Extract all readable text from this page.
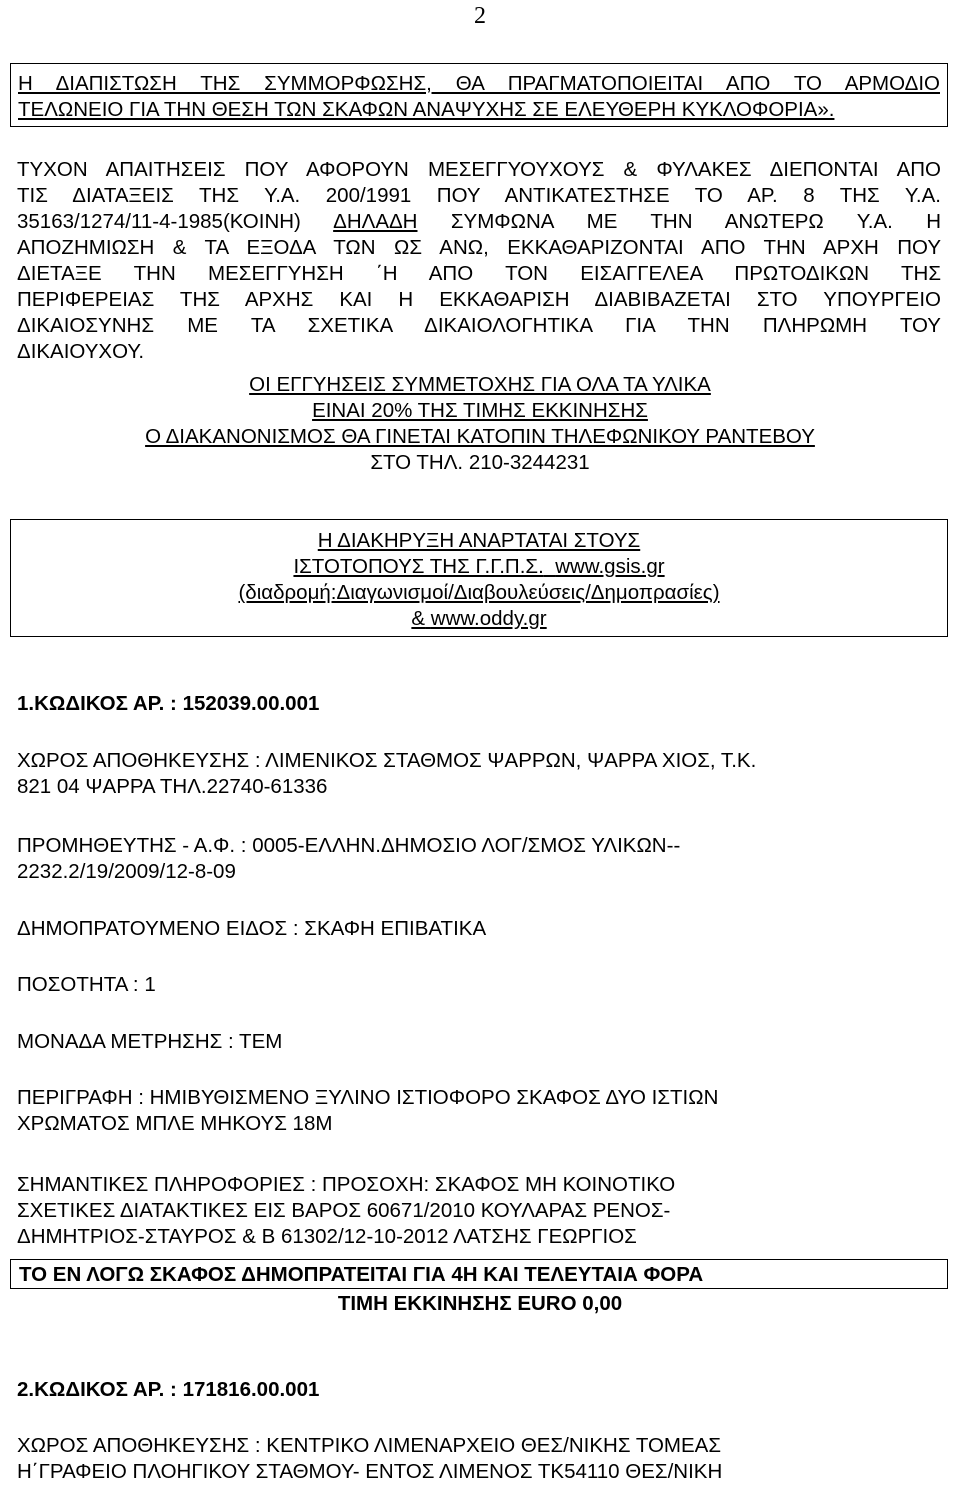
2
Η ΔΙΑΠΙΣΤΩΣΗ ΤΗΣ ΣΥΜΜΟΡΦΩΣΗΣ, ΘΑ ΠΡΑΓΜΑΤΟΠΟΙΕΙΤΑΙ ΑΠΟ ΤΟ ΑΡΜΟΔΙΟ
ΤΕΛΩΝΕΙΟ ΓΙΑ ΤΗΝ ΘΕΣΗ ΤΩΝ ΣΚΑΦΩΝ ΑΝΑΨΥΧΗΣ ΣΕ ΕΛΕΥΘΕΡΗ ΚΥΚΛΟΦΟΡΙΑ».
ΤΥΧΟΝ ΑΠΑΙΤΗΣΕΙΣ ΠΟΥ ΑΦΟΡΟΥΝ ΜΕΣΕΓΓΥΟΥΧΟΥΣ & ΦΥΛΑΚΕΣ ΔΙΕΠΟΝΤΑΙ ΑΠΟ
ΤΙΣ ΔΙΑΤΑΞΕΙΣ ΤΗΣ Υ.Α. 200/1991 ΠΟΥ ΑΝΤΙΚΑΤΕΣΤΗΣΕ ΤΟ ΑΡ. 8 ΤΗΣ Υ.Α.
35163/1274/11-4-1985(ΚΟΙΝΗ) ΔΗΛΑΔΗ ΣΥΜΦΩΝΑ ΜΕ ΤΗΝ ΑΝΩΤΕΡΩ Υ.Α. Η
ΑΠΟΖΗΜΙΩΣΗ & ΤΑ ΕΞΟΔΑ ΤΩΝ ΩΣ ΑΝΩ, ΕΚΚΑΘΑΡΙΖΟΝΤΑΙ ΑΠΟ ΤΗΝ ΑΡΧΗ ΠΟΥ
ΔΙΕΤΑΞΕ ΤΗΝ ΜΕΣΕΓΓΥΗΣΗ ΄Η ΑΠΟ ΤΟΝ ΕΙΣΑΓΓΕΛΕΑ ΠΡΩΤΟΔΙΚΩΝ ΤΗΣ
ΠΕΡΙΦΕΡΕΙΑΣ ΤΗΣ ΑΡΧΗΣ ΚΑΙ Η ΕΚΚΑΘΑΡΙΣΗ ΔΙΑΒΙΒΑΖΕΤΑΙ ΣΤΟ ΥΠΟΥΡΓΕΙΟ
ΔΙΚΑΙΟΣΥΝΗΣ ΜΕ ΤΑ ΣΧΕΤΙΚΑ ΔΙΚΑΙΟΛΟΓΗΤΙΚΑ ΓΙΑ ΤΗΝ ΠΛΗΡΩΜΗ ΤΟΥ
ΔΙΚΑΙΟΥΧΟΥ.
ΟΙ ΕΓΓΥΗΣΕΙΣ ΣΥΜΜΕΤΟΧΗΣ ΓΙΑ ΟΛΑ ΤΑ ΥΛΙΚΑ
ΕΙΝΑΙ 20% ΤΗΣ ΤΙΜΗΣ ΕΚΚΙΝΗΣΗΣ
Ο ΔΙΑΚΑΝΟΝΙΣΜΟΣ ΘΑ ΓΙΝΕΤΑΙ ΚΑΤΟΠΙΝ ΤΗΛΕΦΩΝΙΚΟΥ ΡΑΝΤΕΒΟΥ
ΣΤΟ ΤΗΛ. 210-3244231
Η ΔΙΑΚΗΡΥΞΗ ΑΝΑΡΤΑΤΑΙ ΣΤΟΥΣ
ΙΣΤΟΤΟΠΟΥΣ ΤΗΣ Γ.Γ.Π.Σ. www.gsis.gr
(διαδρομή:Διαγωνισμοί/Διαβουλεύσεις/Δημοπρασίες)
& www.oddy.gr
1.ΚΩΔΙΚΟΣ ΑΡ. : 152039.00.001
ΧΩΡΟΣ ΑΠΟΘΗΚΕΥΣΗΣ : ΛΙΜΕΝΙΚΟΣ ΣΤΑΘΜΟΣ ΨΑΡΡΩΝ, ΨΑΡΡΑ ΧΙΟΣ, Τ.Κ.
821 04 ΨΑΡΡΑ ΤΗΛ.22740-61336
ΠΡΟΜΗΘΕΥΤΗΣ - Α.Φ. : 0005-ΕΛΛΗΝ.ΔΗΜΟΣΙΟ ΛΟΓ/ΣΜΟΣ ΥΛΙΚΩΝ--
2232.2/19/2009/12-8-09
ΔΗΜΟΠΡΑΤΟΥΜΕΝΟ ΕΙΔΟΣ : ΣΚΑΦΗ ΕΠΙΒΑΤΙΚΑ
ΠΟΣΟΤΗΤΑ : 1
ΜΟΝΑΔΑ ΜΕΤΡΗΣΗΣ : ΤΕΜ
ΠΕΡΙΓΡΑΦΗ : ΗΜΙΒΥΘΙΣΜΕΝΟ ΞΥΛΙΝΟ ΙΣΤΙΟΦΟΡΟ ΣΚΑΦΟΣ ΔΥΟ ΙΣΤΙΩΝ
ΧΡΩΜΑΤΟΣ ΜΠΛΕ ΜΗΚΟΥΣ 18Μ
ΣΗΜΑΝΤΙΚΕΣ ΠΛΗΡΟΦΟΡΙΕΣ : ΠΡΟΣΟΧΗ: ΣΚΑΦΟΣ ΜΗ ΚΟΙΝΟΤΙΚΟ
ΣΧΕΤΙΚΕΣ ΔΙΑΤΑΚΤΙΚΕΣ ΕΙΣ ΒΑΡΟΣ 60671/2010 ΚΟΥΛΑΡΑΣ ΡΕΝΟΣ-
ΔΗΜΗΤΡΙΟΣ-ΣΤΑΥΡΟΣ & Β 61302/12-10-2012 ΛΑΤΣΗΣ ΓΕΩΡΓΙΟΣ
ΤΟ ΕΝ ΛΟΓΩ ΣΚΑΦΟΣ ΔΗΜΟΠΡΑΤΕΙΤΑΙ ΓΙΑ 4Η ΚΑΙ ΤΕΛΕΥΤΑΙΑ ΦΟΡΑ
ΤΙΜΗ ΕΚΚΙΝΗΣΗΣ EURO 0,00
2.ΚΩΔΙΚΟΣ ΑΡ. : 171816.00.001
ΧΩΡΟΣ ΑΠΟΘΗΚΕΥΣΗΣ : ΚΕΝΤΡΙΚΟ ΛΙΜΕΝΑΡΧΕΙΟ ΘΕΣ/ΝΙΚΗΣ ΤΟΜΕΑΣ
Η΄ΓΡΑΦΕΙΟ ΠΛΟΗΓΙΚΟΥ ΣΤΑΘΜΟΥ- ΕΝΤΟΣ ΛΙΜΕΝΟΣ ΤΚ54110 ΘΕΣ/ΝΙΚΗ
